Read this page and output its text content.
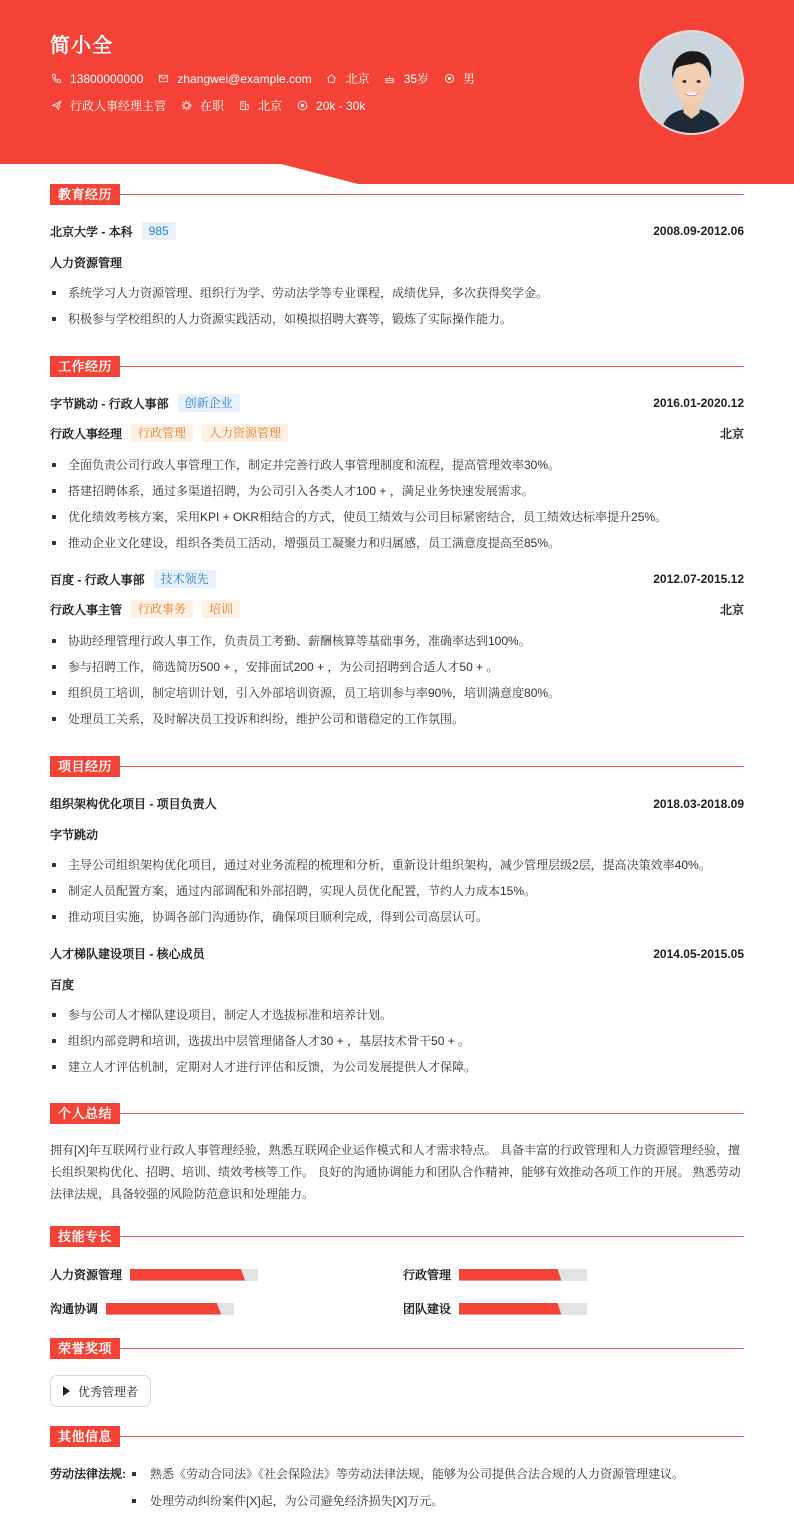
简小全
13800000000	zhangwei@example.com	北京	35岁	男
行政人事经理主管	在职	北京	20k - 30k
教育经历
北京大学 - 本科	985	2008.09-2012.06
人力资源管理
系统学习人力资源管理、组织行为学、劳动法学等专业课程，成绩优异，多次获得奖学金。
积极参与学校组织的人力资源实践活动，如模拟招聘大赛等，锻炼了实际操作能力。
工作经历
字节跳动 - 行政人事部	创新企业	2016.01-2020.12
行政人事经理	行政管理	人力资源管理	北京
全面负责公司行政人事管理工作，制定并完善行政人事管理制度和流程，提高管理效率30%。
搭建招聘体系，通过多渠道招聘，为公司引入各类人才100 + ，满足业务快速发展需求。
优化绩效考核方案，采用KPI + OKR相结合的方式，使员工绩效与公司目标紧密结合，员工绩效达标率提升25%。
推动企业文化建设，组织各类员工活动，增强员工凝聚力和归属感，员工满意度提高至85%。
百度 - 行政人事部	技术领先	2012.07-2015.12
行政人事主管	行政事务	培训	北京
协助经理管理行政人事工作，负责员工考勤、薪酬核算等基础事务，准确率达到100%。
参与招聘工作，筛选简历500 + ，安排面试200 + ，为公司招聘到合适人才50 + 。
组织员工培训，制定培训计划，引入外部培训资源，员工培训参与率90%，培训满意度80%。
处理员工关系，及时解决员工投诉和纠纷，维护公司和谐稳定的工作氛围。
项目经历
组织架构优化项目 - 项目负责人	2018.03-2018.09
字节跳动
主导公司组织架构优化项目，通过对业务流程的梳理和分析，重新设计组织架构，减少管理层级2层，提高决策效率40%。
制定人员配置方案，通过内部调配和外部招聘，实现人员优化配置，节约人力成本15%。
推动项目实施，协调各部门沟通协作，确保项目顺利完成，得到公司高层认可。
人才梯队建设项目 - 核心成员	2014.05-2015.05
百度
参与公司人才梯队建设项目，制定人才选拔标准和培养计划。
组织内部竞聘和培训，选拔出中层管理储备人才30 + ，基层技术骨干50 + 。
建立人才评估机制，定期对人才进行评估和反馈，为公司发展提供人才保障。
个人总结
拥有[X]年互联网行业行政人事管理经验，熟悉互联网企业运作模式和人才需求特点。 具备丰富的行政管理和人力资源管理经验，擅长组织架构优化、招聘、培训、绩效考核等工作。 良好的沟通协调能力和团队合作精神，能够有效推动各项工作的开展。 熟悉劳动法律法规，具备较强的风险防范意识和处理能力。
技能专长
人力资源管理	行政管理
沟通协调	团队建设
荣誉奖项
优秀管理者
其他信息
劳动法律法规:	熟悉《劳动合同法》《社会保险法》等劳动法律法规，能够为公司提供合法合规的人力资源管理建议。
处理劳动纠纷案件[X]起，为公司避免经济损失[X]万元。
